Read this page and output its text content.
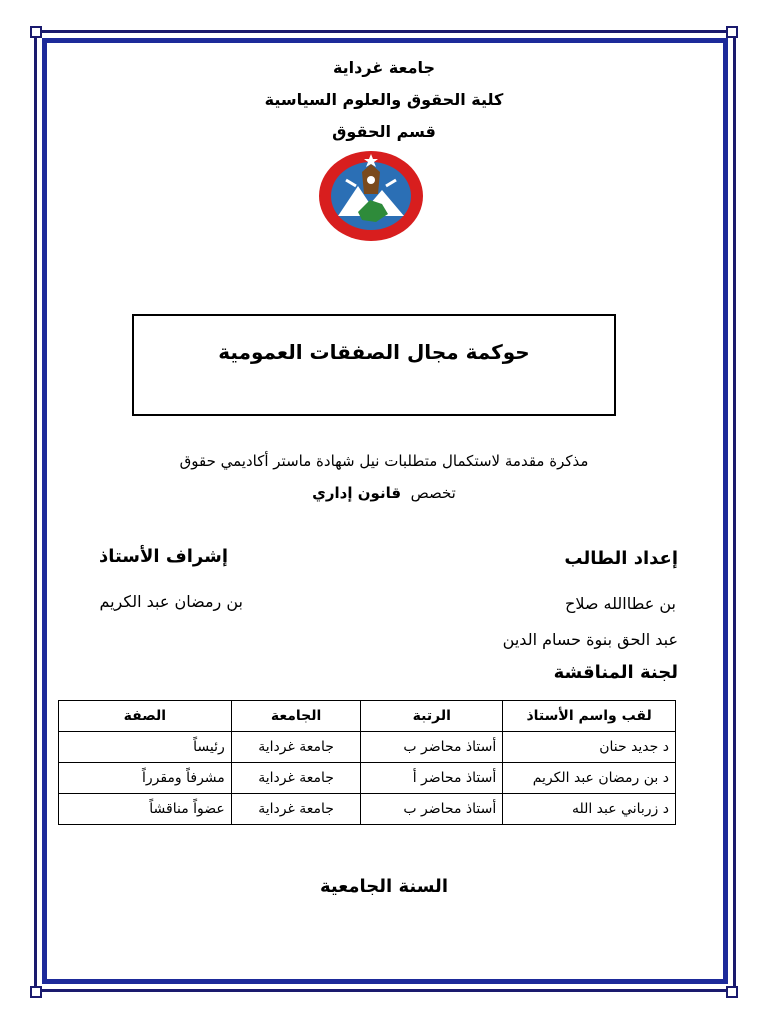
جامعة غرداية
كلية الحقوق والعلوم السياسية
قسم الحقوق
حوكمة مجال الصفقات العمومية
مذكرة مقدمة لاستكمال متطلبات نيل شهادة ماستر أكاديمي حقوق
تخصص  قانون إداري
إعداد الطالب
إشراف الأستاذ
بن عطاالله صلاح
بن رمضان عبد الكريم
عبد الحق بنوة حسام الدين
لجنة المناقشة
لقب واسم الأستاذ	الرتبة	الجامعة	الصفة
د جديد حنان	أستاذ محاضر ب	جامعة غرداية	رئيساً
د بن رمضان عبد الكريم	أستاذ محاضر أ	جامعة غرداية	مشرفاً ومقرراً
د زرباني عبد الله	أستاذ محاضر ب	جامعة غرداية	عضواً مناقشاً
السنة الجامعية
